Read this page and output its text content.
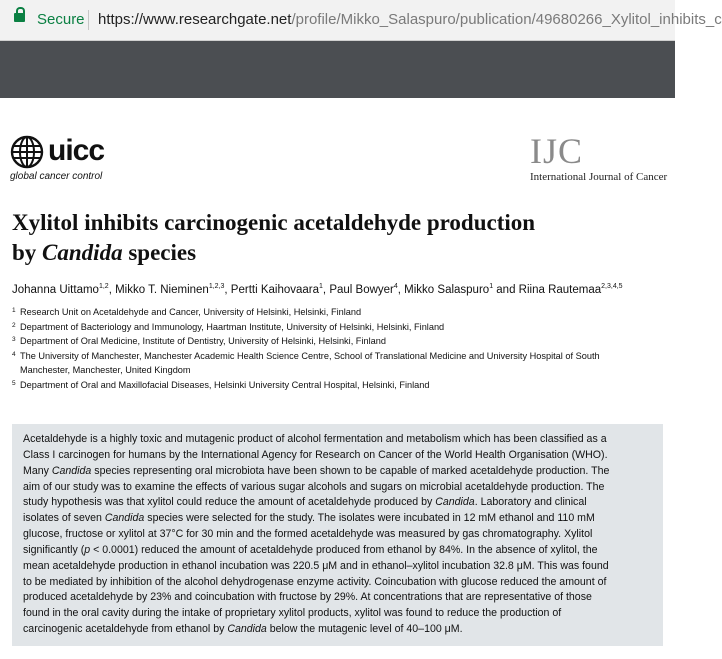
Secure https://www.researchgate.net/profile/Mikko_Salaspuro/publication/49680266_Xylitol_inhibits_c
uicc
global cancer control
IJC
International Journal of Cancer
Xylitol inhibits carcinogenic acetaldehyde production
by Candida species
Johanna Uittamo$^{1,2}$, Mikko T. Nieminen$^{1,2,3}$, Pertti Kaihovaara$^1$, Paul Bowyer$^4$, Mikko Salaspuro$^1$ and Riina Rautemaa$^{2,3,4,5}$
1 Research Unit on Acetaldehyde and Cancer, University of Helsinki, Helsinki, Finland
2 Department of Bacteriology and Immunology, Haartman Institute, University of Helsinki, Helsinki, Finland
3 Department of Oral Medicine, Institute of Dentistry, University of Helsinki, Helsinki, Finland
4 The University of Manchester, Manchester Academic Health Science Centre, School of Translational Medicine and University Hospital of South
Manchester, Manchester, United Kingdom
5 Department of Oral and Maxillofacial Diseases, Helsinki University Central Hospital, Helsinki, Finland

Acetaldehyde is a highly toxic and mutagenic product of alcohol fermentation and metabolism which has been classified as a
Class I carcinogen for humans by the International Agency for Research on Cancer of the World Health Organisation (WHO).
Many Candida species representing oral microbiota have been shown to be capable of marked acetaldehyde production. The
aim of our study was to examine the effects of various sugar alcohols and sugars on microbial acetaldehyde production. The
study hypothesis was that xylitol could reduce the amount of acetaldehyde produced by Candida. Laboratory and clinical
isolates of seven Candida species were selected for the study. The isolates were incubated in 12 mM ethanol and 110 mM
glucose, fructose or xylitol at 37°C for 30 min and the formed acetaldehyde was measured by gas chromatography. Xylitol
significantly (p < 0.0001) reduced the amount of acetaldehyde produced from ethanol by 84%. In the absence of xylitol, the
mean acetaldehyde production in ethanol incubation was 220.5 μM and in ethanol–xylitol incubation 32.8 μM. This was found
to be mediated by inhibition of the alcohol dehydrogenase enzyme activity. Coincubation with glucose reduced the amount of
produced acetaldehyde by 23% and coincubation with fructose by 29%. At concentrations that are representative of those
found in the oral cavity during the intake of proprietary xylitol products, xylitol was found to reduce the production of
carcinogenic acetaldehyde from ethanol by Candida below the mutagenic level of 40–100 μM.
